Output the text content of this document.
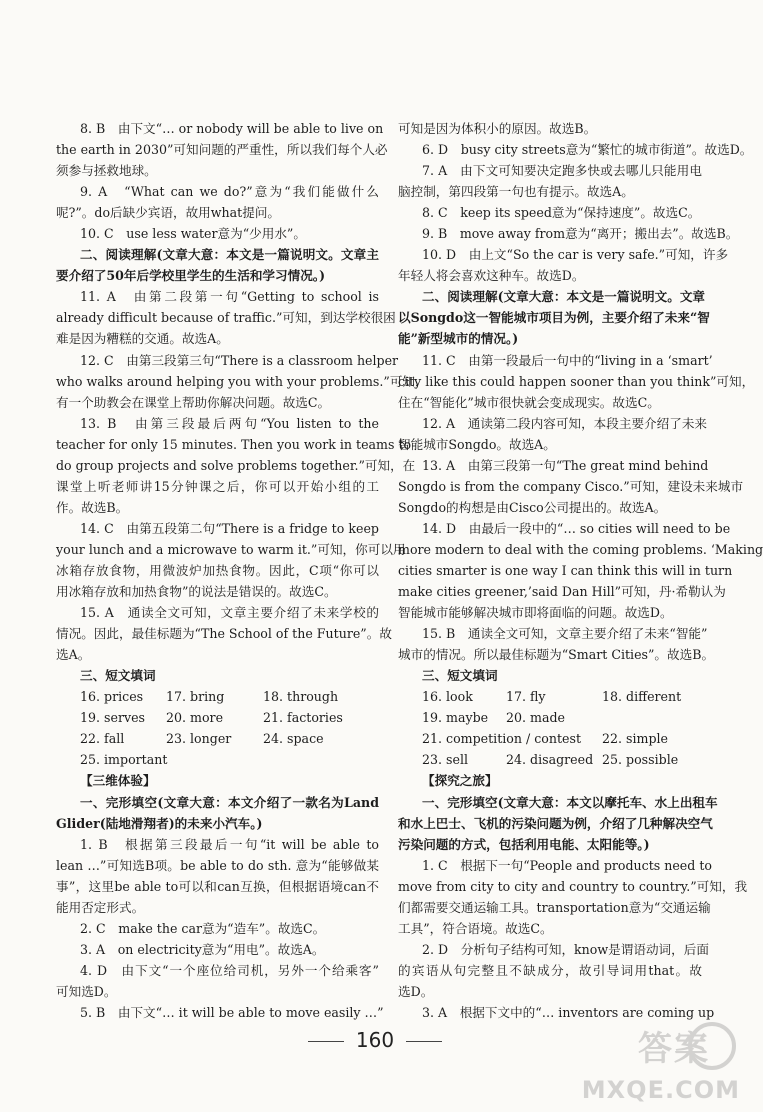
8. B　由下文“… or nobody will be able to live on
the earth in 2030”可知问题的严重性，所以我们每个人必
须参与拯救地球。
9. A　“What can we do?”意为“我们能做什么
呢?”。do后缺少宾语，故用what提问。
10. C　use less water意为“少用水”。
二、阅读理解(文章大意：本文是一篇说明文。文章主
要介绍了50年后学校里学生的生活和学习情况。)
11. A　由第二段第一句“Getting to school is
already difficult because of traffic.”可知，到达学校很困
难是因为糟糕的交通。故选A。
12. C　由第三段第三句“There is a classroom helper
who walks around helping you with your problems.”可知，
有一个助教会在课堂上帮助你解决问题。故选C。
13. B　由第三段最后两句“You listen to the
teacher for only 15 minutes. Then you work in teams to
do group projects and solve problems together.”可知，在
课堂上听老师讲15分钟课之后，你可以开始小组的工
作。故选B。
14. C　由第五段第二句“There is a fridge to keep
your lunch and a microwave to warm it.”可知，你可以用
冰箱存放食物，用微波炉加热食物。因此，C项“你可以
用冰箱存放和加热食物”的说法是错误的。故选C。
15. A　通读全文可知，文章主要介绍了未来学校的
情况。因此，最佳标题为“The School of the Future”。故
选A。
三、短文填词
16. prices	17. bring	18. through
19. serves	20. more	21. factories
22. fall	23. longer	24. space
25. important
【三维体验】
一、完形填空(文章大意：本文介绍了一款名为Land
Glider(陆地滑翔者)的未来小汽车。)
1. B　根据第三段最后一句“it will be able to
lean …”可知选B项。be able to do sth. 意为“能够做某
事”，这里be able to可以和can互换，但根据语境can不
能用否定形式。
2. C　make the car意为“造车”。故选C。
3. A　on electricity意为“用电”。故选A。
4. D　由下文“一个座位给司机，另外一个给乘客”
可知选D。
5. B　由下文“… it will be able to move easily …”
可知是因为体积小的原因。故选B。
6. D　busy city streets意为“繁忙的城市街道”。故选D。
7. A　由下文可知要决定跑多快或去哪儿只能用电
脑控制，第四段第一句也有提示。故选A。
8. C　keep its speed意为“保持速度”。故选C。
9. B　move away from意为“离开；搬出去”。故选B。
10. D　由上文“So the car is very safe.”可知，许多
年轻人将会喜欢这种车。故选D。
二、阅读理解(文章大意：本文是一篇说明文。文章
以Songdo这一智能城市项目为例，主要介绍了未来“智
能”新型城市的情况。)
11. C　由第一段最后一句中的“living in a ‘smart’
city like this could happen sooner than you think”可知，
住在“智能化”城市很快就会变成现实。故选C。
12. A　通读第二段内容可知，本段主要介绍了未来
智能城市Songdo。故选A。
13. A　由第三段第一句“The great mind behind
Songdo is from the company Cisco.”可知，建设未来城市
Songdo的构想是由Cisco公司提出的。故选A。
14. D　由最后一段中的“… so cities will need to be
more modern to deal with the coming problems. ‘Making
cities smarter is one way I can think this will in turn
make cities greener,’said Dan Hill”可知，丹·希勒认为
智能城市能够解决城市即将面临的问题。故选D。
15. B　通读全文可知，文章主要介绍了未来“智能”
城市的情况。所以最佳标题为“Smart Cities”。故选B。
三、短文填词
16. look	17. fly	18. different
19. maybe	20. made
21. competition / contest 22. simple
23. sell	24. disagreed 25. possible
【探究之旅】
一、完形填空(文章大意：本文以摩托车、水上出租车
和水上巴士、飞机的污染问题为例，介绍了几种解决空气
污染问题的方式，包括利用电能、太阳能等。)
1. C　根据下一句“People and products need to
move from city to city and country to country.”可知，我
们都需要交通运输工具。transportation意为“交通运输
工具”，符合语境。故选C。
2. D　分析句子结构可知，know是谓语动词，后面
的宾语从句完整且不缺成分，故引导词用that。故
选D。
3. A　根据下文中的“… inventors are coming up
160	答案
MXQE.COM
